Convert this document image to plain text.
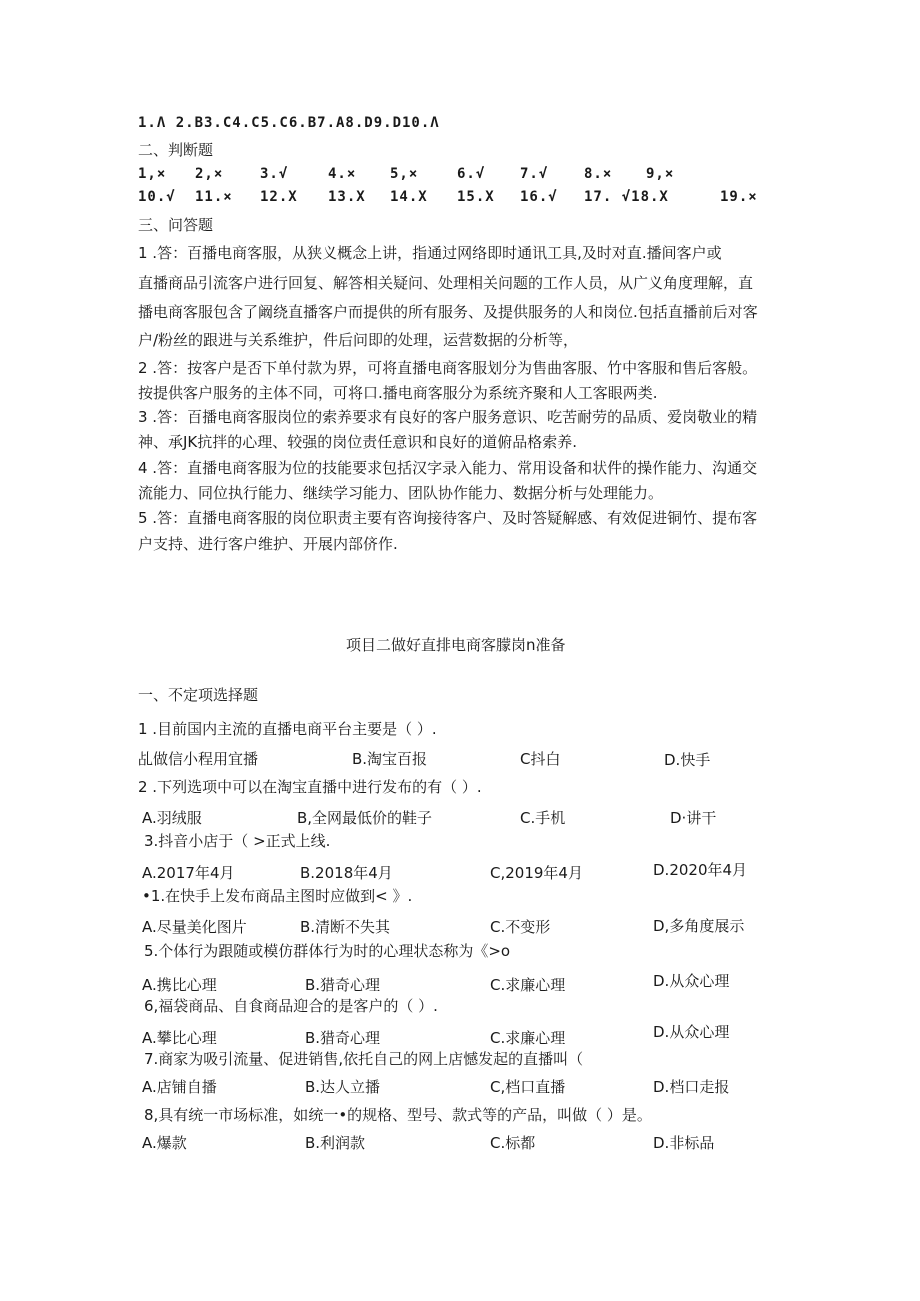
1.Λ 2.B3.C4.C5.C6.B7.A8.D9.D10.Λ
二、判断题
1,× 2,×	3.√	4.× 5,×	6.√ 7.√	8.× 9,×
10.√ 11.× 12.X 13.X 14.X 15.X 16.√ 17. √18.X	19.×
三、问答题
1 .答：百播电商客服，从狭义概念上讲，指通过网络即时通讯工具,及时对直.播间客户或
直播商品引流客户进行回复、解答相关疑问、处理相关问题的工作人员，从广义角度理解，直
播电商客服包含了阚绕直播客户而提供的所有服务、及提供服务的人和岗位.包括直播前后对客
户/粉丝的跟进与关系维护，件后问即的处理，运营数据的分析等，
2 .答：按客户是否下单付款为界，可将直播电商客服划分为售曲客服、竹中客服和售后客般。
按提供客户服务的主体不同，可将口.播电商客服分为系统齐聚和人工客眼两类.
3 .答：百播电商客服岗位的索养要求有良好的客户服务意识、吃苦耐劳的品质、爱岗敬业的精
神、承JK抗拌的心理、较强的岗位责任意识和良好的道俯品格索养.
4 .答：直播电商客服为位的技能要求包括汉字录入能力、常用设备和状件的操作能力、沟通交
流能力、同位执行能力、继续学习能力、团队协作能力、数据分析与处理能力。
5 .答：直播电商客服的岗位职责主要有咨询接待客户、及时答疑解感、有效促进铜竹、提布客
户支持、进行客户维护、开展内部侪作.
项目二做好直排电商客朦岗n准备
一、不定项选择题
1 .目前国内主流的直播电商平台主要是（ ）.
乩做信小程用宜播	B.淘宝百报	C抖白	D.快手
2 .下列选项中可以在淘宝直播中进行发布的有（ ）.
A.羽绒服	B,全网最低价的鞋子	C.手机	D·讲干
3.抖音小店于（ >正式上线.
A.2017年4月	B.2018年4月	C,2019年4月	D.2020年4月
•1.在快手上发布商品主图时应做到< 》.
A.尽量美化图片	B.清断不失其	C.不变形	D,多角度展示
5.个体行为跟随或模仿群体行为时的心理状态称为《>o
A.携比心理	B.猎奇心理	C.求廉心理	D.从众心理
6,福袋商品、自食商品迎合的是客户的（ ）.
A.攀比心理	B.猎奇心理	C.求廉心理	D.从众心理
7.商家为吸引流量、促进销售,依托自己的网上店憾发起的直播叫（
A.店铺自播	B.达人立播	C,档口直播	D.档口走报
8,具有统一市场标准，如统一•的规格、型号、款式等的产品，叫做（ ）是。
A.爆款	B.利润款	C.标都	D.非标品
